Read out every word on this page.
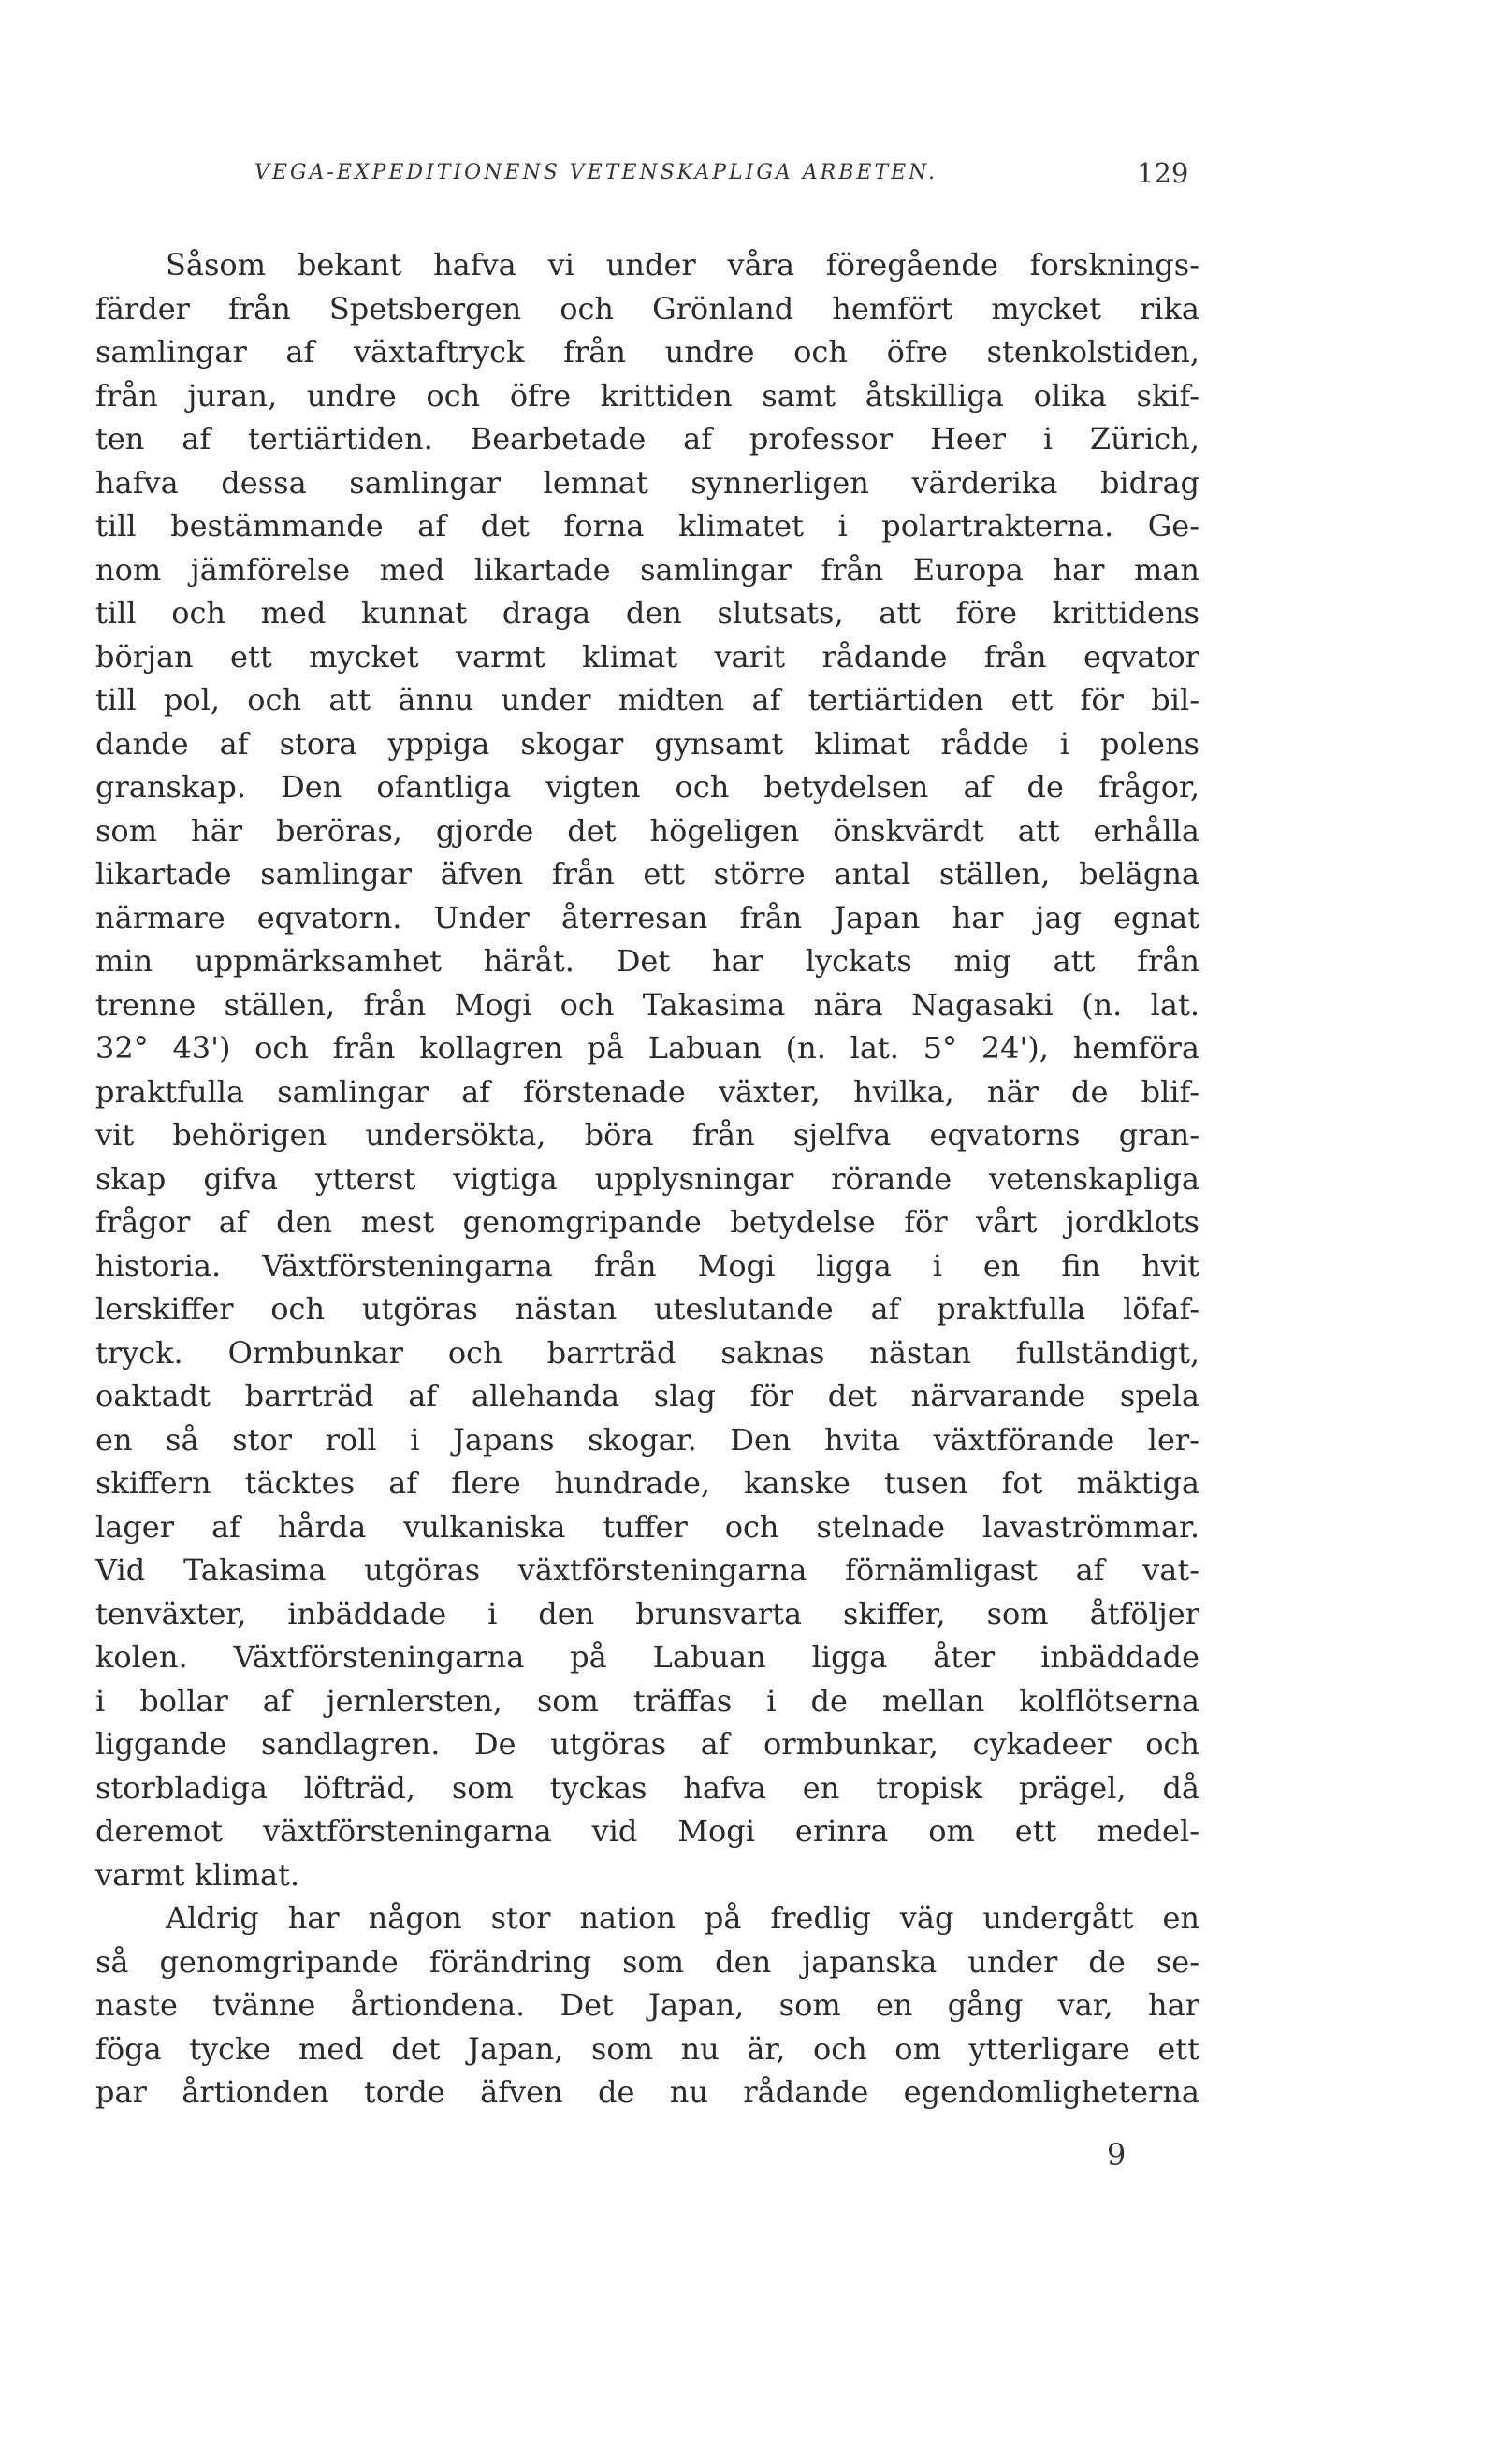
VEGA-EXPEDITIONENS VETENSKAPLIGA ARBETEN.	129
Såsom bekant hafva vi under våra föregående forsknings-
färder från Spetsbergen och Grönland hemfört mycket rika
samlingar af växtaftryck från undre och öfre stenkolstiden,
från juran, undre och öfre krittiden samt åtskilliga olika skif-
ten af tertiärtiden. Bearbetade af professor Heer i Zürich,
hafva dessa samlingar lemnat synnerligen värderika bidrag
till bestämmande af det forna klimatet i polartrakterna. Ge-
nom jämförelse med likartade samlingar från Europa har man
till och med kunnat draga den slutsats, att före krittidens
början ett mycket varmt klimat varit rådande från eqvator
till pol, och att ännu under midten af tertiärtiden ett för bil-
dande af stora yppiga skogar gynsamt klimat rådde i polens
granskap. Den ofantliga vigten och betydelsen af de frågor,
som här beröras, gjorde det högeligen önskvärdt att erhålla
likartade samlingar äfven från ett större antal ställen, belägna
närmare eqvatorn. Under återresan från Japan har jag egnat
min uppmärksamhet häråt. Det har lyckats mig att från
trenne ställen, från Mogi och Takasima nära Nagasaki (n. lat.
32° 43') och från kollagren på Labuan (n. lat. 5° 24'), hemföra
praktfulla samlingar af förstenade växter, hvilka, när de blif-
vit behörigen undersökta, böra från sjelfva eqvatorns gran-
skap gifva ytterst vigtiga upplysningar rörande vetenskapliga
frågor af den mest genomgripande betydelse för vårt jordklots
historia. Växtförsteningarna från Mogi ligga i en fin hvit
lerskiffer och utgöras nästan uteslutande af praktfulla löfaf-
tryck. Ormbunkar och barrträd saknas nästan fullständigt,
oaktadt barrträd af allehanda slag för det närvarande spela
en så stor roll i Japans skogar. Den hvita växtförande ler-
skiffern täcktes af flere hundrade, kanske tusen fot mäktiga
lager af hårda vulkaniska tuffer och stelnade lavaströmmar.
Vid Takasima utgöras växtförsteningarna förnämligast af vat-
tenväxter, inbäddade i den brunsvarta skiffer, som åtföljer
kolen. Växtförsteningarna på Labuan ligga åter inbäddade
i bollar af jernlersten, som träffas i de mellan kolflötserna
liggande sandlagren. De utgöras af ormbunkar, cykadeer och
storbladiga löfträd, som tyckas hafva en tropisk prägel, då
deremot växtförsteningarna vid Mogi erinra om ett medel-
varmt klimat.
Aldrig har någon stor nation på fredlig väg undergått en
så genomgripande förändring som den japanska under de se-
naste tvänne årtiondena. Det Japan, som en gång var, har
föga tycke med det Japan, som nu är, och om ytterligare ett
par årtionden torde äfven de nu rådande egendomligheterna
9
